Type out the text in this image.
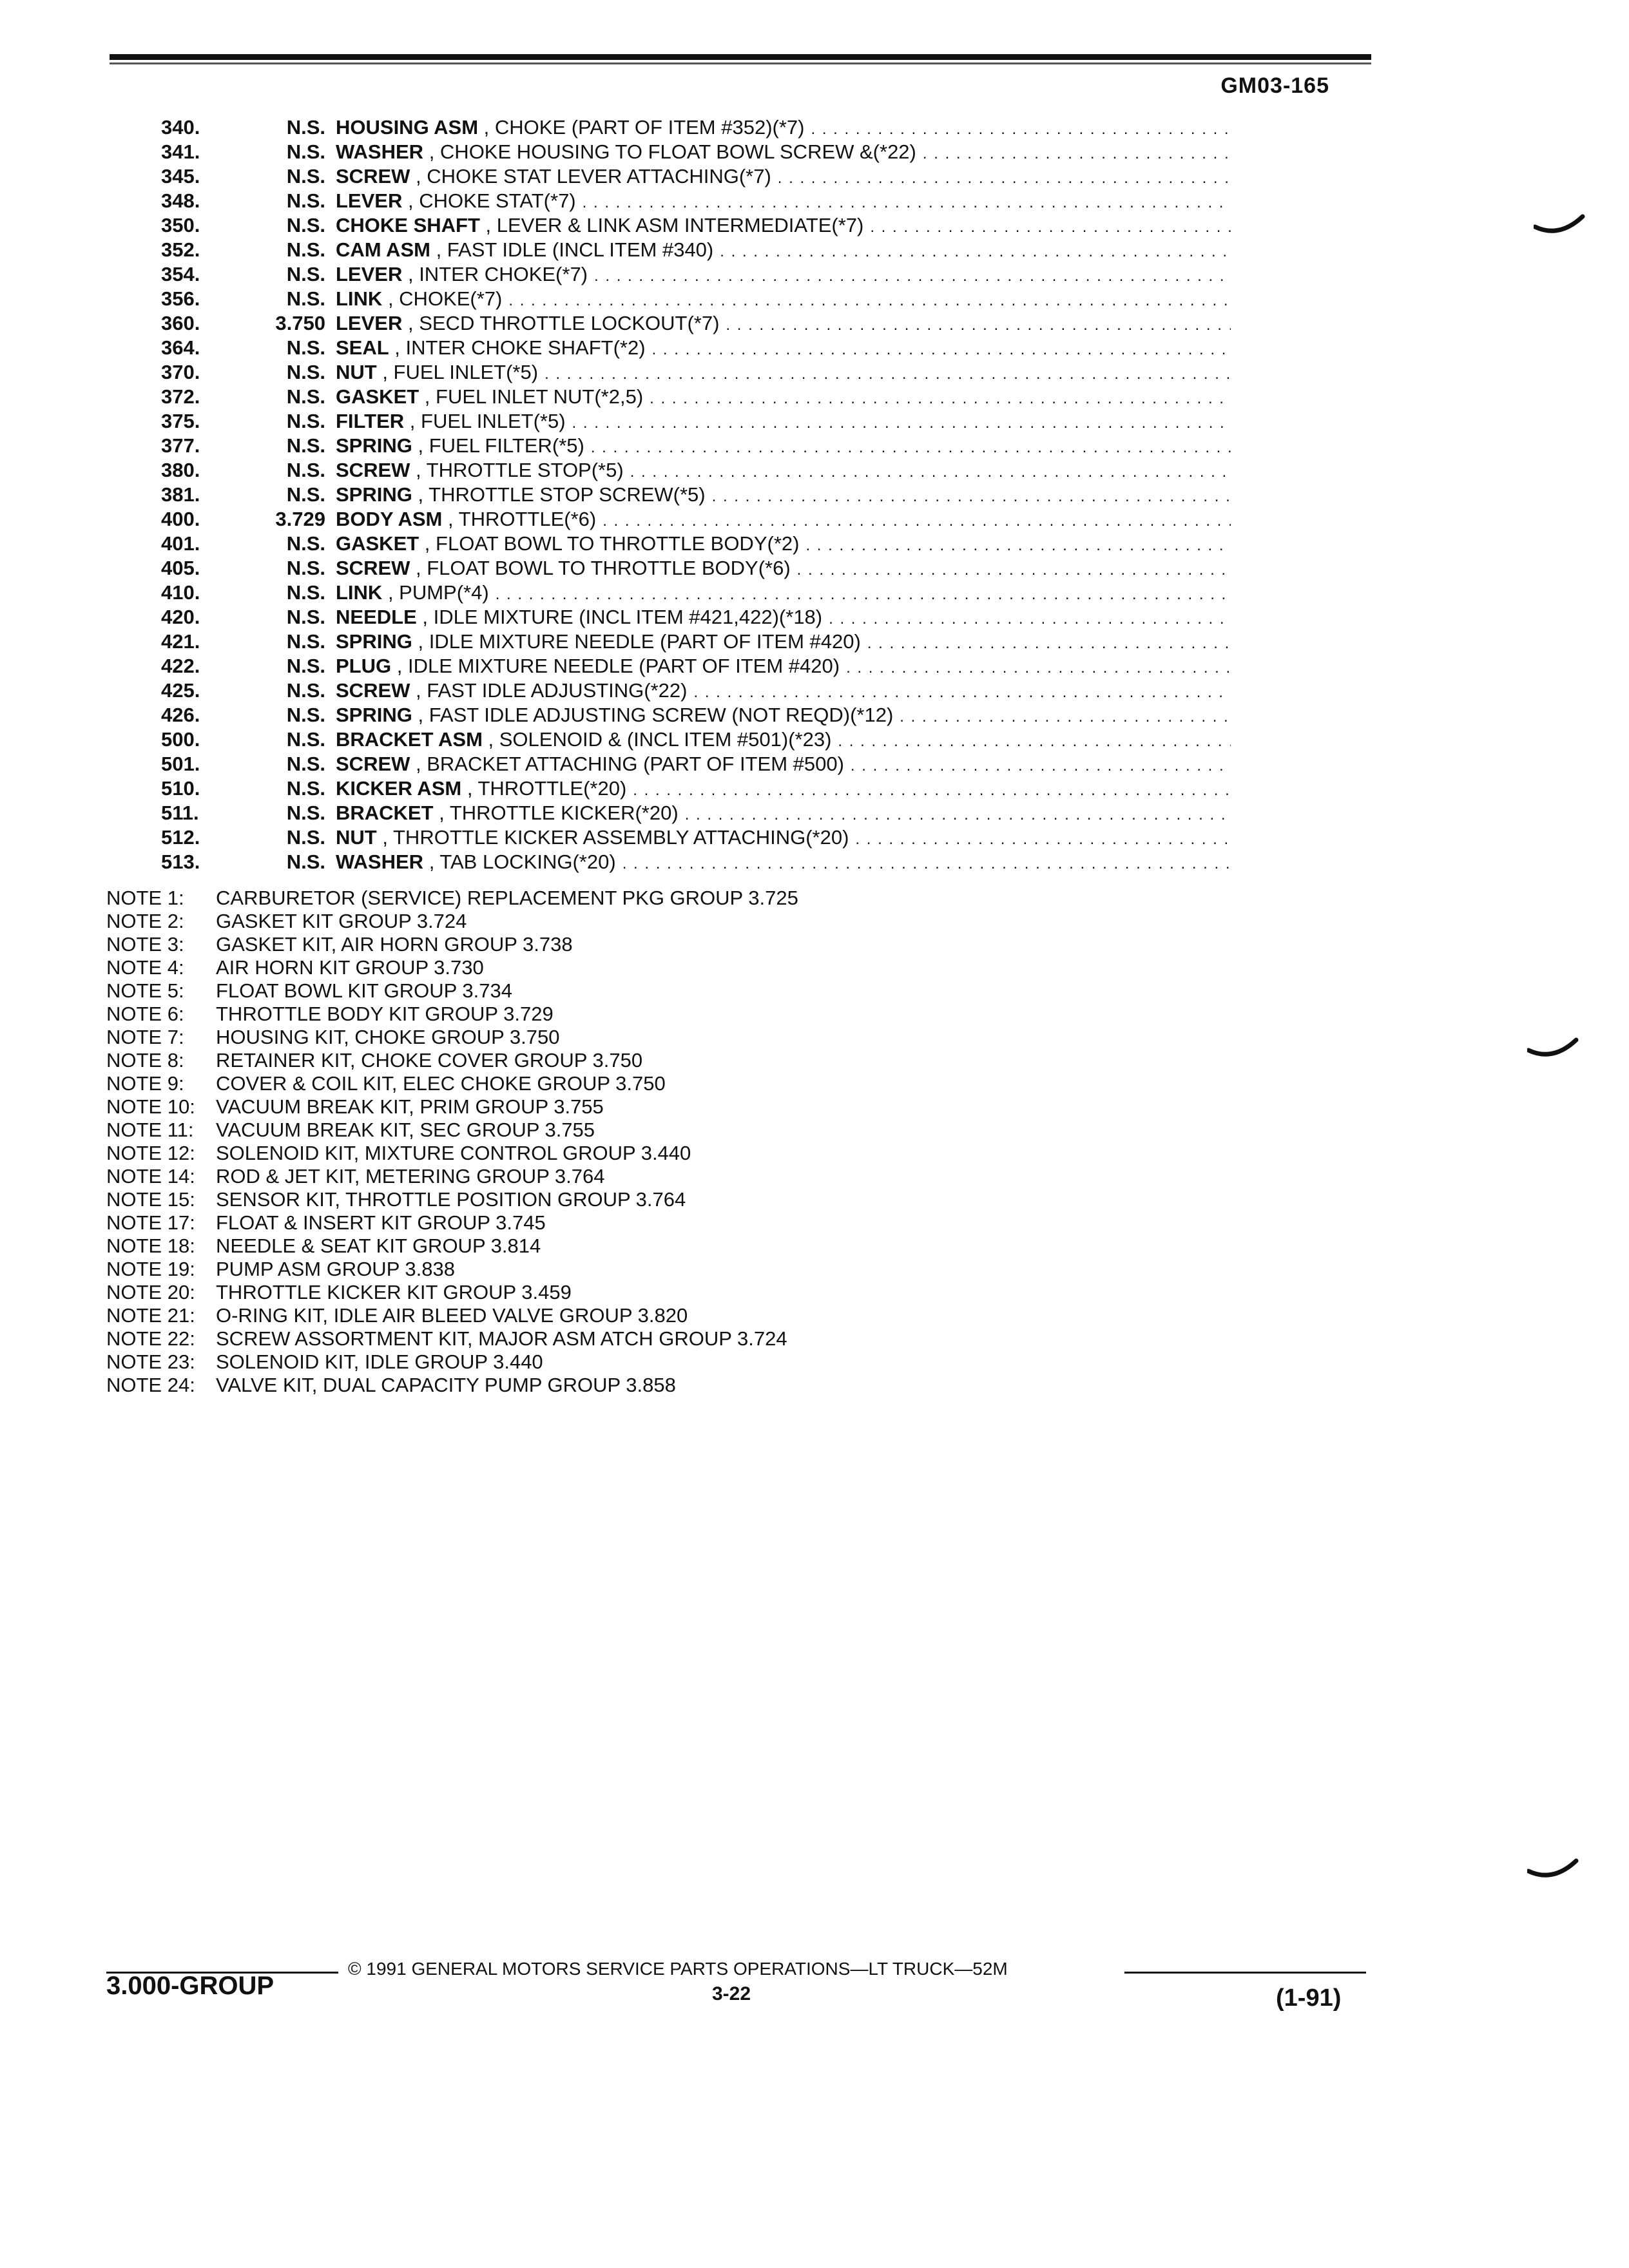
GM03-165
340.	N.S. HOUSING ASM , CHOKE (PART OF ITEM #352)(*7)
. . .
341.	N.S. WASHER , CHOKE HOUSING TO FLOAT BOWL SCREW &(*22)
. . .
345.	N.S. SCREW , CHOKE STAT LEVER ATTACHING(*7)
. . .
348.	N.S. LEVER , CHOKE STAT(*7)
. . .
350.	N.S. CHOKE SHAFT , LEVER & LINK ASM INTERMEDIATE(*7)
. . .
352.	N.S. CAM ASM , FAST IDLE (INCL ITEM #340)
. . .
354.	N.S. LEVER , INTER CHOKE(*7)
. . .
356.	N.S. LINK , CHOKE(*7)
. . .
360.	3.750 LEVER , SECD THROTTLE LOCKOUT(*7)
. . .
364.	N.S. SEAL , INTER CHOKE SHAFT(*2)
. . .
370.	N.S. NUT , FUEL INLET(*5)
. . .
372.	N.S. GASKET , FUEL INLET NUT(*2,5)
. . .
375.	N.S. FILTER , FUEL INLET(*5)
. . .
377.	N.S. SPRING , FUEL FILTER(*5)
. . .
380.	N.S. SCREW , THROTTLE STOP(*5)
. . .
381.	N.S. SPRING , THROTTLE STOP SCREW(*5)
. . .
400.	3.729 BODY ASM , THROTTLE(*6)
. . .
401.	N.S. GASKET , FLOAT BOWL TO THROTTLE BODY(*2)
. . .
405.	N.S. SCREW , FLOAT BOWL TO THROTTLE BODY(*6)
. . .
410.	N.S. LINK , PUMP(*4)
. . .
420.	N.S. NEEDLE , IDLE MIXTURE (INCL ITEM #421,422)(*18)
. . .
421.	N.S. SPRING , IDLE MIXTURE NEEDLE (PART OF ITEM #420)
. . .
422.	N.S. PLUG , IDLE MIXTURE NEEDLE (PART OF ITEM #420)
. . .
425.	N.S. SCREW , FAST IDLE ADJUSTING(*22)
. . .
426.	N.S. SPRING , FAST IDLE ADJUSTING SCREW (NOT REQD)(*12)
. . .
500.	N.S. BRACKET ASM , SOLENOID & (INCL ITEM #501)(*23)
. . .
501.	N.S. SCREW , BRACKET ATTACHING (PART OF ITEM #500)
. . .
510.	N.S. KICKER ASM , THROTTLE(*20)
. . .
511.	N.S. BRACKET , THROTTLE KICKER(*20)
. . .
512.	N.S. NUT , THROTTLE KICKER ASSEMBLY ATTACHING(*20)
. . .
513.	N.S. WASHER , TAB LOCKING(*20)
. . .
NOTE 1:	CARBURETOR (SERVICE) REPLACEMENT PKG GROUP 3.725
NOTE 2:	GASKET KIT GROUP 3.724
NOTE 3:	GASKET KIT, AIR HORN GROUP 3.738
NOTE 4:	AIR HORN KIT GROUP 3.730
NOTE 5:	FLOAT BOWL KIT GROUP 3.734
NOTE 6:	THROTTLE BODY KIT GROUP 3.729
NOTE 7:	HOUSING KIT, CHOKE GROUP 3.750
NOTE 8:	RETAINER KIT, CHOKE COVER GROUP 3.750
NOTE 9:	COVER & COIL KIT, ELEC CHOKE GROUP 3.750
NOTE 10:	VACUUM BREAK KIT, PRIM GROUP 3.755
NOTE 11:	VACUUM BREAK KIT, SEC GROUP 3.755
NOTE 12:	SOLENOID KIT, MIXTURE CONTROL GROUP 3.440
NOTE 14:	ROD & JET KIT, METERING GROUP 3.764
NOTE 15:	SENSOR KIT, THROTTLE POSITION GROUP 3.764
NOTE 17:	FLOAT & INSERT KIT GROUP 3.745
NOTE 18:	NEEDLE & SEAT KIT GROUP 3.814
NOTE 19:	PUMP ASM GROUP 3.838
NOTE 20:	THROTTLE KICKER KIT GROUP 3.459
NOTE 21:	O-RING KIT, IDLE AIR BLEED VALVE GROUP 3.820
NOTE 22:	SCREW ASSORTMENT KIT, MAJOR ASM ATCH GROUP 3.724
NOTE 23:	SOLENOID KIT, IDLE GROUP 3.440
NOTE 24:	VALVE KIT, DUAL CAPACITY PUMP GROUP 3.858
© 1991 GENERAL MOTORS SERVICE PARTS OPERATIONS—LT TRUCK—52M
3.000-GROUP	3-22	(1-91)
